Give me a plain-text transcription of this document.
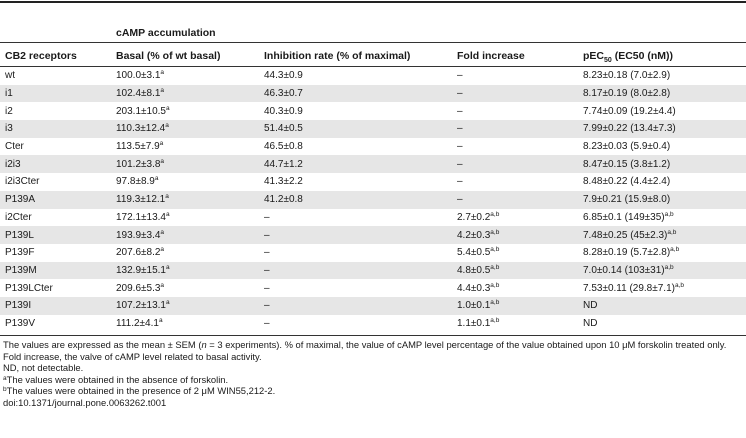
cAMP accumulation
CB2 receptors	Basal (% of wt basal)	Inhibition rate (% of maximal)	Fold increase	pEC$_{50}$ (EC50 (nM))
wt	100.0±3.1$^a$	44.3±0.9	–	8.23±0.18 (7.0±2.9)
i1	102.4±8.1$^a$	46.3±0.7	–	8.17±0.19 (8.0±2.8)
i2	203.1±10.5$^a$	40.3±0.9	–	7.74±0.09 (19.2±4.4)
i3	110.3±12.4$^a$	51.4±0.5	–	7.99±0.22 (13.4±7.3)
Cter	113.5±7.9$^a$	46.5±0.8	–	8.23±0.03 (5.9±0.4)
i2i3	101.2±3.8$^a$	44.7±1.2	–	8.47±0.15 (3.8±1.2)
i2i3Cter	97.8±8.9$^a$	41.3±2.2	–	8.48±0.22 (4.4±2.4)
P139A	119.3±12.1$^a$	41.2±0.8	–	7.9±0.21 (15.9±8.0)
i2Cter	172.1±13.4$^a$	–	$2.7\pm 0.2^{a,b}$	6.85±0.1 $(149\pm 35)^{a,b}$
P139L	193.9±3.4$^a$	–	$4.2\pm 0.3^{a,b}$	7.48±0.25 $(45\pm 2.3)^{a,b}$
P139F	207.6±8.2$^a$	–	$5.4\pm 0.5^{a,b}$	8.28±0.19 $(5.7\pm 2.8)^{a,b}$
P139M	132.9±15.1$^a$	–	$4.8\pm 0.5^{a,b}$	7.0±0.14 $(103\pm 31)^{a,b}$
P139LCter	209.6±5.3$^a$	–	$4.4\pm 0.3^{a,b}$	7.53±0.11 $(29.8\pm 7.1)^{a,b}$
P139I	107.2±13.1$^a$	–	$1.0\pm 0.1^{a,b}$	ND
P139V	111.2±4.1$^a$	–	$1.1\pm 0.1^{a,b}$	ND
The values are expressed as the mean ± SEM (n = 3 experiments). % of maximal, the value of cAMP level percentage of the value obtained upon 10 μM forskolin treated only. Fold increase, the valve of cAMP level related to basal activity.
ND, not detectable.
$^a$The values were obtained in the absence of forskolin.
$^b$The values were obtained in the presence of 2 μM WIN55,212-2.
doi:10.1371/journal.pone.0063262.t001
